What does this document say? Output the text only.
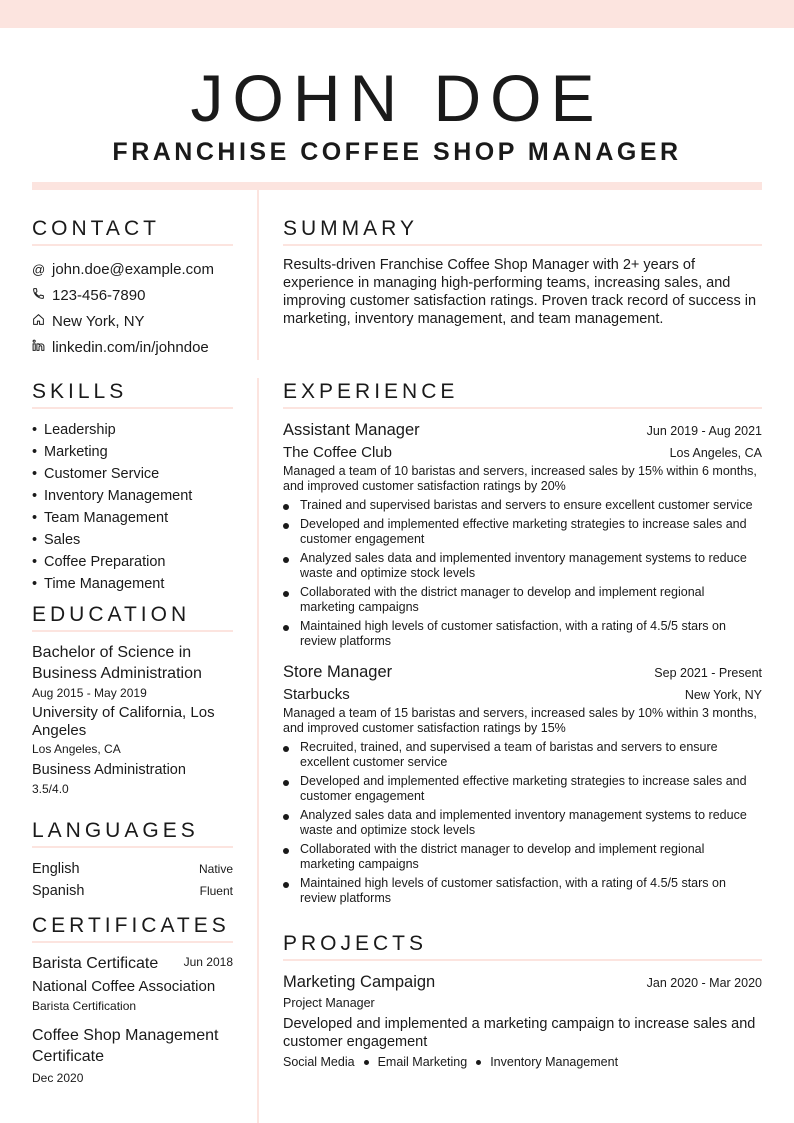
JOHN DOE
FRANCHISE COFFEE SHOP MANAGER
CONTACT
@ john.doe@example.com
123-456-7890
New York, NY
linkedin.com/in/johndoe
SKILLS
• Leadership
• Marketing
• Customer Service
• Inventory Management
• Team Management
• Sales
• Coffee Preparation
• Time Management
EDUCATION
Bachelor of Science in Business Administration
Aug 2015 - May 2019
University of California, Los Angeles
Los Angeles, CA
Business Administration
3.5/4.0
LANGUAGES
English	Native
Spanish	Fluent
CERTIFICATES
Barista Certificate Jun 2018
National Coffee Association
Barista Certification
Coffee Shop Management Certificate
Dec 2020
SUMMARY
Results-driven Franchise Coffee Shop Manager with 2+ years of experience in managing high-performing teams, increasing sales, and improving customer satisfaction ratings. Proven track record of success in marketing, inventory management, and team management.
EXPERIENCE
Assistant Manager	Jun 2019 - Aug 2021
The Coffee Club	Los Angeles, CA
Managed a team of 10 baristas and servers, increased sales by 15% within 6 months, and improved customer satisfaction ratings by 20%
Trained and supervised baristas and servers to ensure excellent customer service
Developed and implemented effective marketing strategies to increase sales and customer engagement
Analyzed sales data and implemented inventory management systems to reduce waste and optimize stock levels
Collaborated with the district manager to develop and implement regional marketing campaigns
Maintained high levels of customer satisfaction, with a rating of 4.5/5 stars on review platforms
Store Manager	Sep 2021 - Present
Starbucks	New York, NY
Managed a team of 15 baristas and servers, increased sales by 10% within 3 months, and improved customer satisfaction ratings by 15%
Recruited, trained, and supervised a team of baristas and servers to ensure excellent customer service
Developed and implemented effective marketing strategies to increase sales and customer engagement
Analyzed sales data and implemented inventory management systems to reduce waste and optimize stock levels
Collaborated with the district manager to develop and implement regional marketing campaigns
Maintained high levels of customer satisfaction, with a rating of 4.5/5 stars on review platforms
PROJECTS
Marketing Campaign	Jan 2020 - Mar 2020
Project Manager
Developed and implemented a marketing campaign to increase sales and customer engagement
Social Media Email Marketing Inventory Management
